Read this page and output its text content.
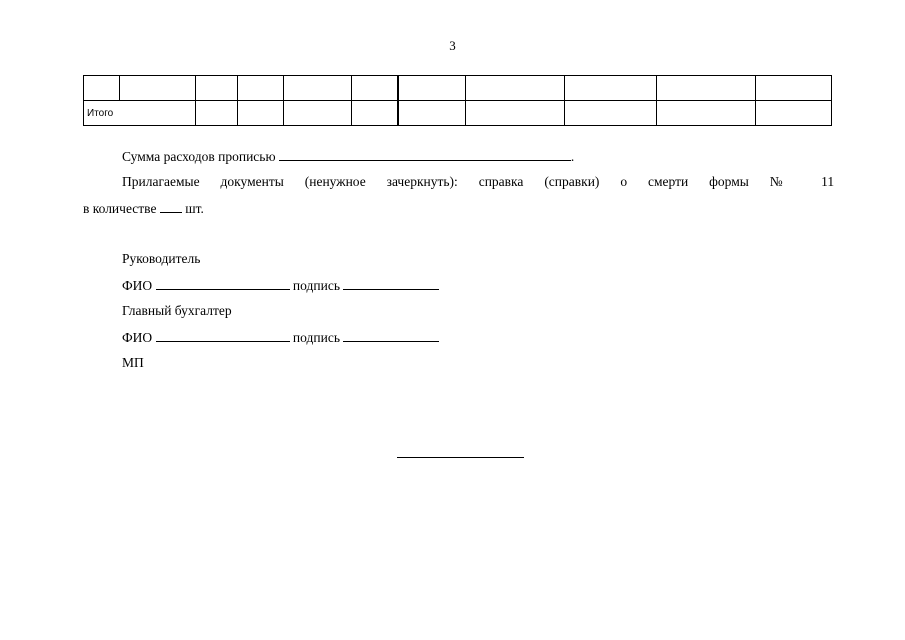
3

Итого										
Сумма расходов прописью	.
Прилагаемые документы (ненужное зачеркнуть): справка (справки) о смерти формы № 11
в количестве шт.
Руководитель
ФИО	подпись
Главный бухгалтер
ФИО	подпись
МП
